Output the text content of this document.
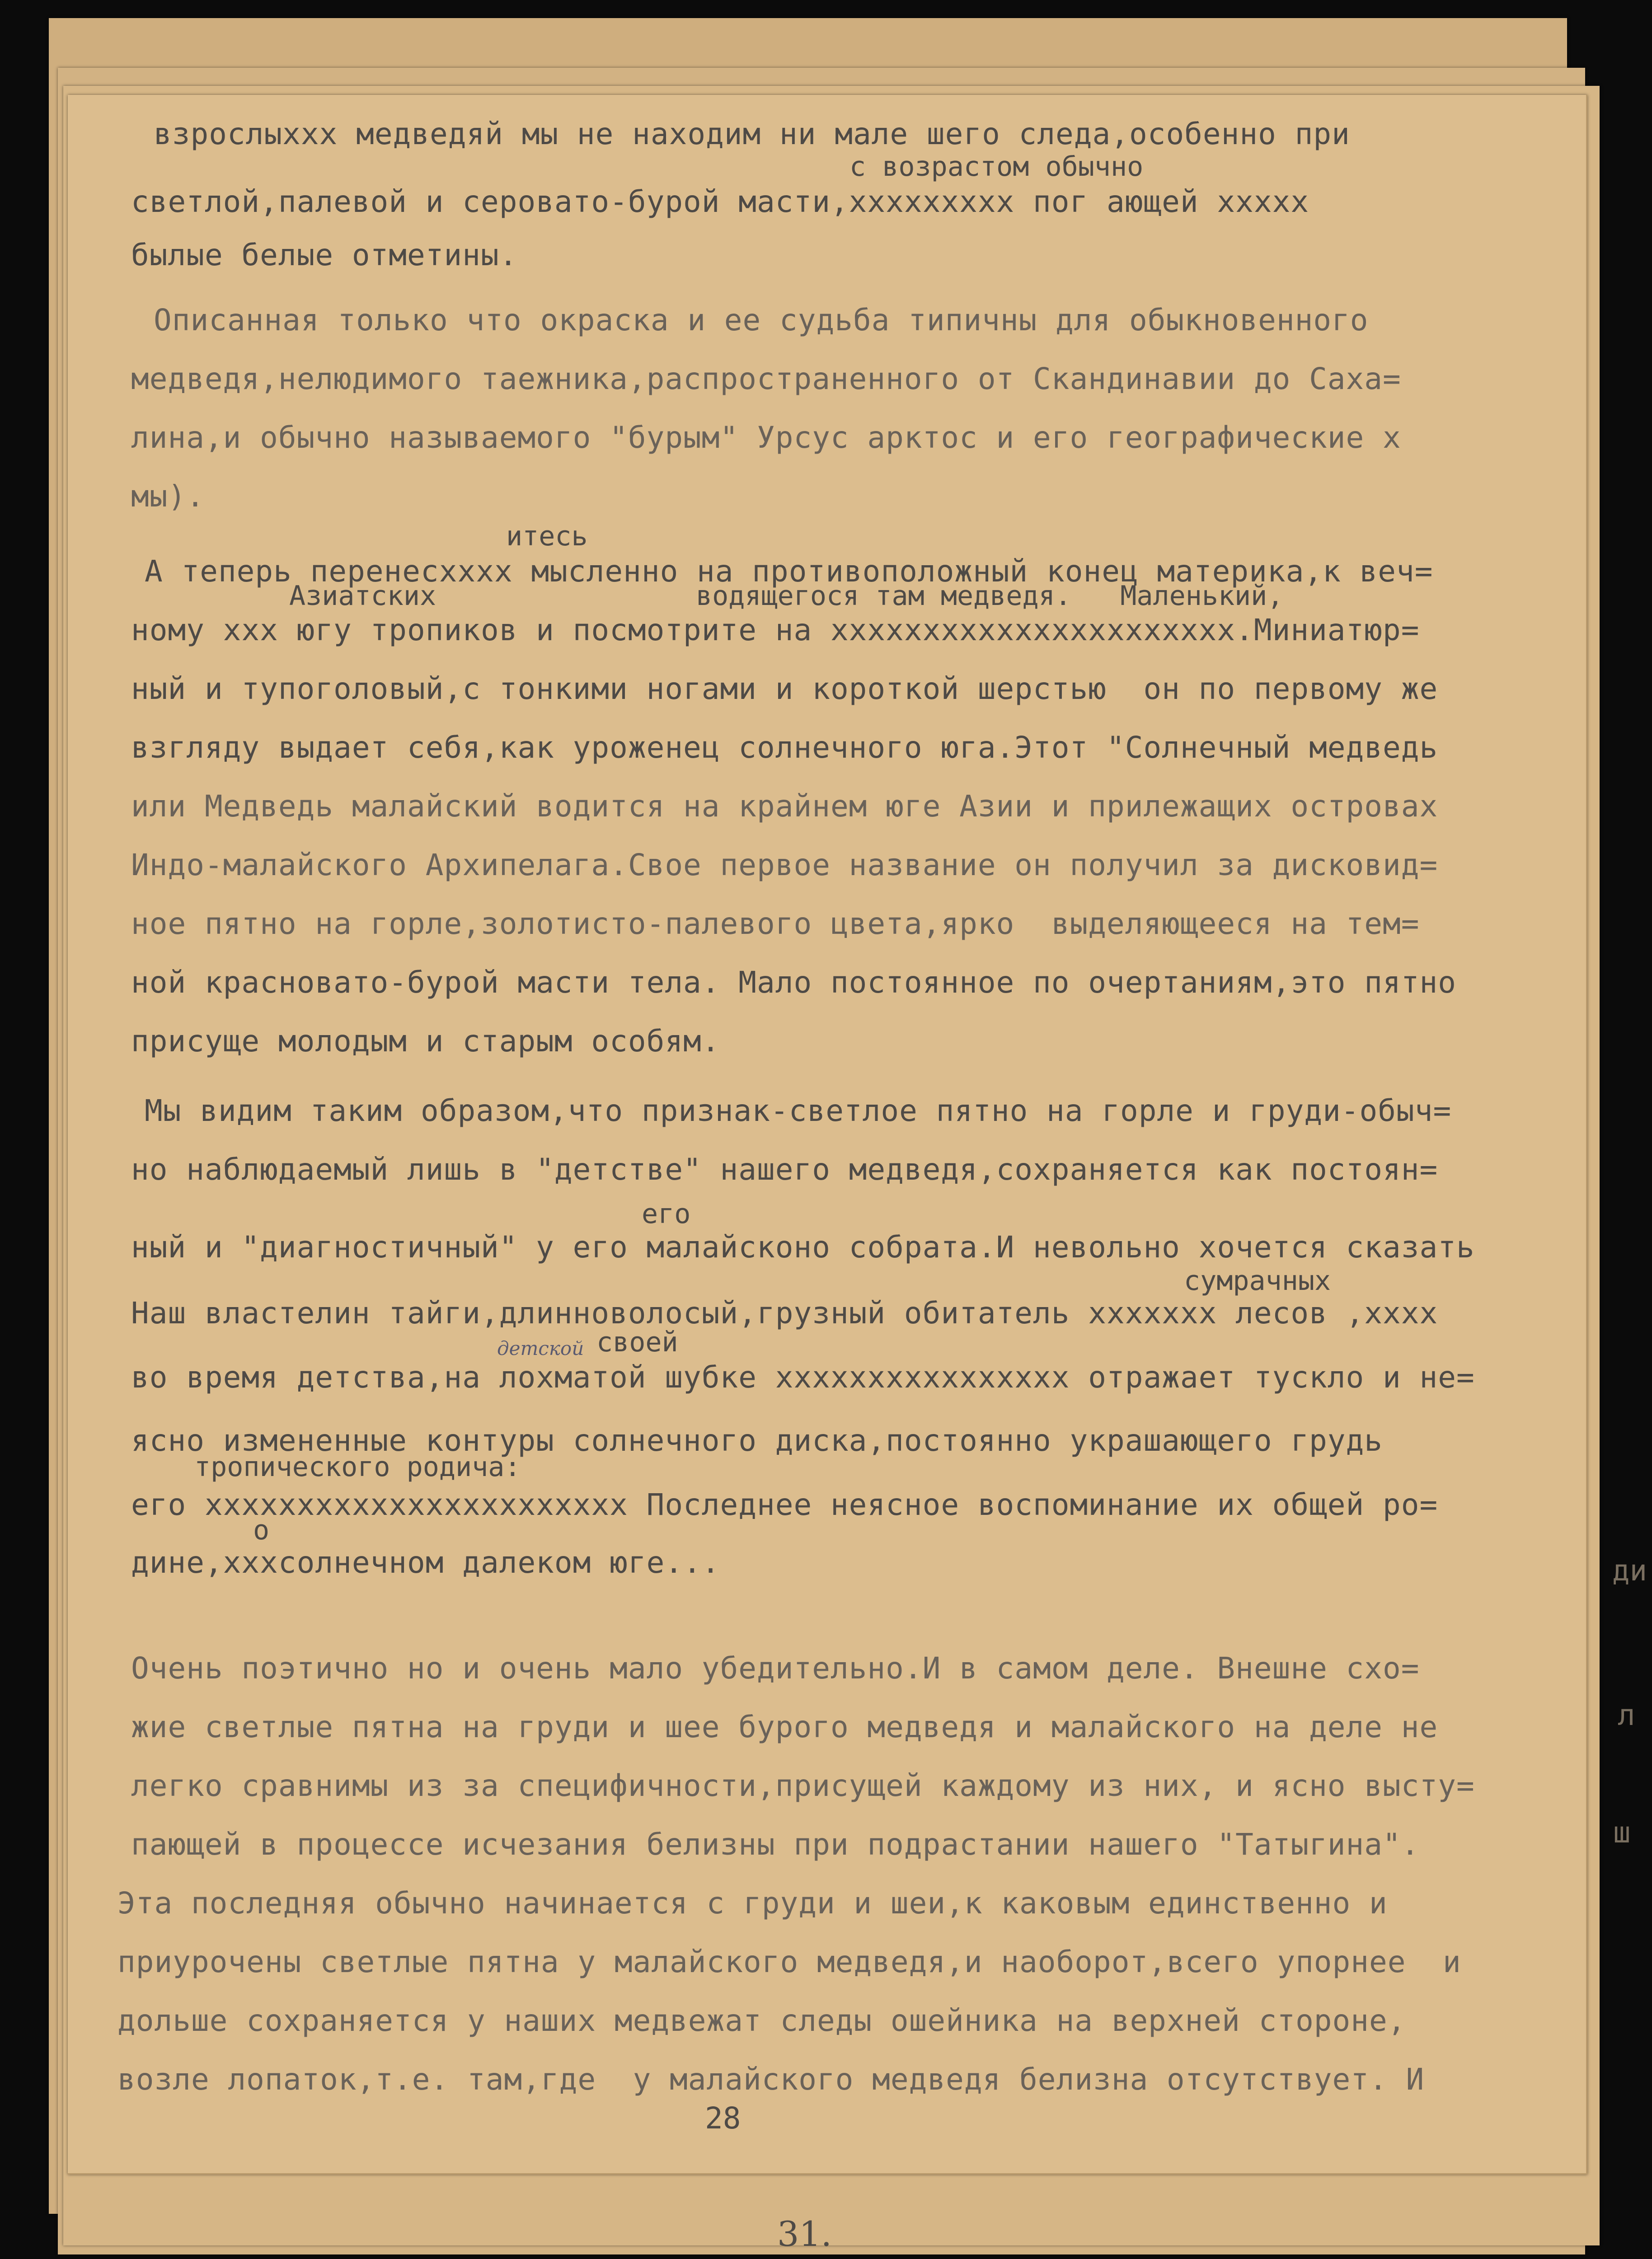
ди
л
ш
взрослыхxx медведяй мы не находим ни мале шего следа,особенно при
с возрастом обычно
светлой,палевой и серовато-бурой масти,xxxxxxxxx пог ающей xxxxx
былые белые отметины.
Описанная только что окраска и ее судьба типичны для обыкновенного
медведя,нелюдимого таежника,распространенного от Скандинавии до Саха=
лина,и обычно называемого "бурым" Урсус арктос и его географические x
мы).
итесь
А теперь перенесxxxx мысленно на противоположный конец материка,к веч=
Азиатских	водящегося там медведя.   Маленький,
ному xxx югу тропиков и посмотрите на xxxxxxxxxxxxxxxxxxxxxx.Миниатюр=
ный и тупоголовый,с тонкими ногами и короткой шерстью  он по первому же
взгляду выдает себя,как уроженец солнечного юга.Этот "Солнечный медведь
или Медведь малайский водится на крайнем юге Азии и прилежащих островах
Индо-малайского Архипелага.Свое первое название он получил за дисковид=
ное пятно на горле,золотисто-палевого цвета,ярко  выделяющееся на тем=
ной красновато-бурой масти тела. Мало постоянное по очертаниям,это пятно
присуще молодым и старым особям.
Мы видим таким образом,что признак-светлое пятно на горле и груди-обыч=
но наблюдаемый лишь в "детстве" нашего медведя,сохраняется как постоян=
его
ный и "диагностичный" у его малайсконо собрата.И невольно хочется сказать
сумрачных
Наш властелин тайги,длинноволосый,грузный обитатель xxxxxxx лесов ,xxxx
детской своей
во время детства,на лохматой шубке xxxxxxxxxxxxxxxx отражает тускло и не=
ясно измененные контуры солнечного диска,постоянно украшающего грудь
тропического родича:
его xxxxxxxxxxxxxxxxxxxxxxx Последнее неясное воспоминание их общей ро=
о
дине,xxxсолнечном далеком юге...
Очень поэтично но и очень мало убедительно.И в самом деле. Внешне схо=
жие светлые пятна на груди и шее бурого медведя и малайского на деле не
легко сравнимы из за специфичности,присущей каждому из них, и ясно высту=
пающей в процессе исчезания белизны при подрастании нашего "Татыгина".
Эта последняя обычно начинается с груди и шеи,к каковым единственно и
приурочены светлые пятна у малайского медведя,и наоборот,всего упорнее  и
дольше сохраняется у наших медвежат следы ошейника на верхней стороне,
возле лопаток,т.е. там,где  у малайского медведя белизна отсутствует. И
28
31.
